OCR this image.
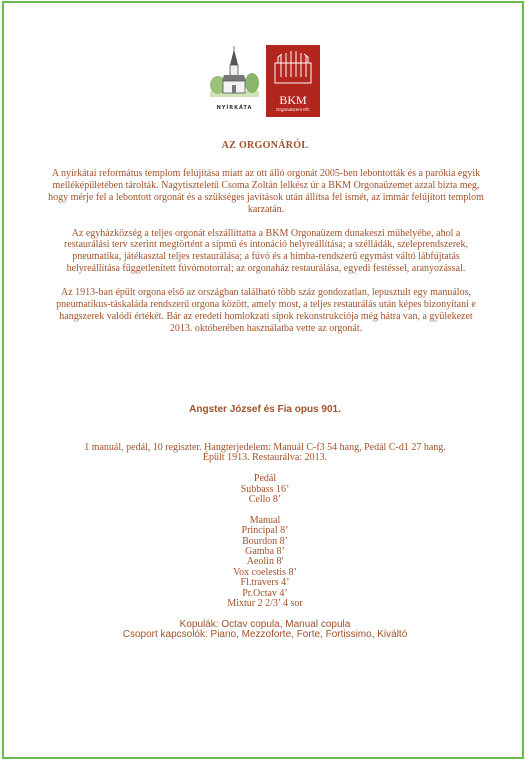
NYÍRKÁTA
BKM
Orgonaüzem Kft.
AZ ORGONÁRÓL

A nyírkátai református templom felújítása miatt az ott álló orgonát 2005-ben lebontották és a parókia egyik melléképületében tárolták. Nagytiszteletű Csoma Zoltán lelkész úr a BKM Orgonaüzemet azzal bízta meg, hogy mérje fel a lebontott orgonát és a szükséges javítások után állítsa fel ismét, az immár felújított templom karzatán.

Az egyházközség a teljes orgonát elszállíttatta a BKM Orgonaüzem dunakeszi műhelyébe, ahol a restaurálási terv szerint megtörtént a sípmű és intonáció helyreállítása; a szélládák, szeleprendszerek, pneumatika, játékasztal teljes restaurálása; a fúvó és a himba-rendszerű egymást váltó lábfújtatás helyreállítása függetlenített fúvómotorral; az orgonaház restaurálása, egyedi festéssel, aranyozással.

Az 1913-ban épült orgona első az országban található több száz gondozatlan, lepusztult egy manuálos, pneumatikus-táskaláda rendszerű orgona között, amely most, a teljes restaurálás után képes bizonyítani e hangszerek valódi értékét. Bár az eredeti homlokzati sípok rekonstrukciója még hátra van, a gyülekezet 2013. októberében használatba vette az orgonát.

Angster József és Fia opus 901.
1 manuál, pedál, 10 regiszter. Hangterjedelem: Manuál C-f3 54 hang, Pedál C-d1 27 hang.
Épült 1913. Restaurálva: 2013.
Pedál
Subbass 16’
Cello 8’
Manual
Principal 8’
Bourdon 8’
Gamba 8’
Aeolin 8'
Vox coelestis 8’
Fl.travers 4’
Pr.Octav 4’
Mixtur 2 2/3’ 4 sor
Kopulák: Octav copula, Manual copula
Csoport kapcsolók: Piano, Mezzoforte, Forte, Fortissimo, Kiváltó
